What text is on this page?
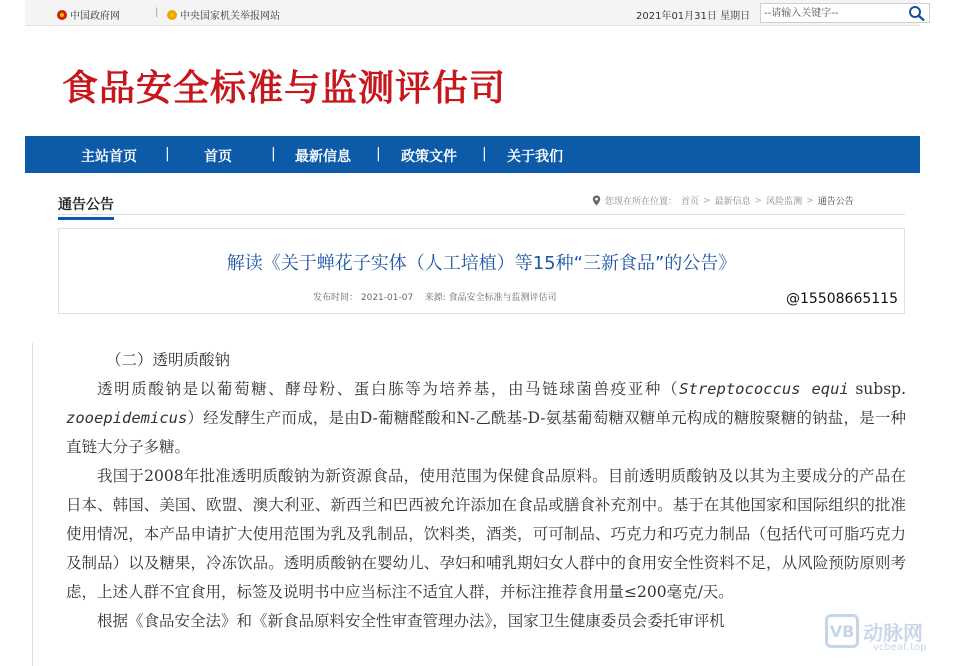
中国政府网	| 中央国家机关举报网站	2021年01月31日 星期日
--请输入关键字--
食品安全标准与监测评估司
主站首页 | 首页	| 最新信息 | 政策文件 | 关于我们
通告公告	您现在所在位置： 首页 > 最新信息 > 风险监测 > 通告公告
解读《关于蝉花子实体（人工培植）等15种“三新食品”的公告》
发布时间： 2021-01-07    来源: 食品安全标准与监测评估司	@15508665115

（二）透明质酸钠

透明质酸钠是以葡萄糖、酵母粉、蛋白胨等为培养基，由马链球菌兽疫亚种（Streptococcus equi subsp. zooepidemicus）经发酵生产而成，是由D-葡糖醛酸和N-乙酰基-D-氨基葡萄糖双糖单元构成的糖胺聚糖的钠盐，是一种直链大分子多糖。

我国于2008年批准透明质酸钠为新资源食品，使用范围为保健食品原料。目前透明质酸钠及以其为主要成分的产品在日本、韩国、美国、欧盟、澳大利亚、新西兰和巴西被允许添加在食品或膳食补充剂中。基于在其他国家和国际组织的批准使用情况，本产品申请扩大使用范围为乳及乳制品，饮料类，酒类，可可制品、巧克力和巧克力制品（包括代可可脂巧克力及制品）以及糖果，冷冻饮品。透明质酸钠在婴幼儿、孕妇和哺乳期妇女人群中的食用安全性资料不足，从风险预防原则考虑，上述人群不宜食用，标签及说明书中应当标注不适宜人群，并标注推荐食用量≤200毫克/天。

根据《食品安全法》和《新食品原料安全性审查管理办法》，国家卫生健康委员会委托审评机

VB 动脉网
vcbeat.top
